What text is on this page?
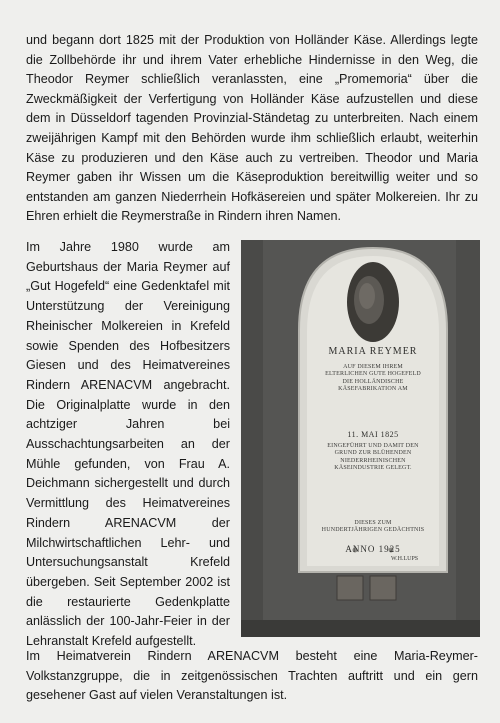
und begann dort 1825 mit der Produktion von Holländer Käse. Allerdings legte die Zollbehörde ihr und ihrem Vater erhebliche Hindernisse in den Weg, die Theodor Reymer schließlich veranlassten, eine „Promemoria“ über die Zweckmäßigkeit der Verfertigung von Holländer Käse aufzustellen und diese dem in Düsseldorf tagenden Provinzial-Ständetag zu unterbreiten. Nach einem zweijährigen Kampf mit den Behörden wurde ihm schließlich erlaubt, weiterhin Käse zu produzieren und den Käse auch zu vertreiben. Theodor und Maria Reymer gaben ihr Wissen um die Käseproduktion bereitwillig weiter und so entstanden am ganzen Niederrhein Hofkäsereien und später Molkereien. Ihr zu Ehren erhielt die Reymerstraße in Rindern ihren Namen.

Im Jahre 1980 wurde am Geburtshaus der Maria Reymer auf „Gut Hogefeld“ eine Gedenktafel mit Unterstützung der Vereinigung Rheinischer Molkereien in Krefeld sowie Spenden des Hofbesitzers Giesen und des Heimatvereines Rindern ARENACVM angebracht. Die Originalplatte wurde in den achtziger Jahren bei Ausschachtungsarbeiten an der Mühle gefunden, von Frau A. Deichmann sichergestellt und durch Vermittlung des Heimatvereines Rindern ARENACVM der Milchwirtschaftlichen Lehr- und Untersuchungsanstalt Krefeld übergeben. Seit September 2002 ist die restaurierte Gedenkplatte anlässlich der 100-Jahr-Feier in der Lehranstalt Krefeld aufgestellt.

MARIA REYMER
AUF DIESEM IHREM
ELTERLICHEN GUTE HOGEFELD
DIE HOLLÄNDISCHE
KÄSEFABRIKATION AM
11. MAI 1825
EINGEFÜHRT UND DAMIT DEN
GRUND ZUR BLÜHENDEN
NIEDERRHEINISCHEN
KÄSEINDUSTRIE GELEGT.
DIESES ZUM
HUNDERTJÄHRIGEN GEDÄCHTNIS
ANNO 1925
W.H.LUPS

Im Heimatverein Rindern ARENACVM besteht eine Maria-Reymer-Volkstanzgruppe, die in zeitgenössischen Trachten auftritt und ein gern gesehener Gast auf vielen Veranstaltungen ist.
